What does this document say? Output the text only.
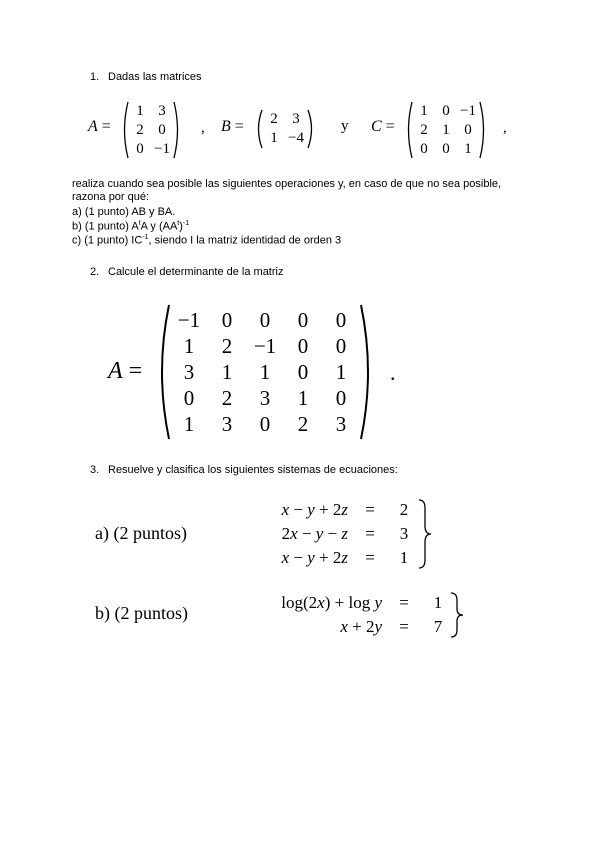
1. Dadas las matrices
A =
1	3
2	0
0	−1
, B = 2	3
1	−4
y C =
1	0	−1
2	1	0
0	0	1
,
realiza cuando sea posible las siguientes operaciones y, en caso de que no sea posible,
razona por qué:
a) (1 punto) AB y BA.
b) (1 punto) $A^tA$ y $(AA^t)^{-1}$
c) (1 punto) $IC^{-1}$, siendo I la matriz identidad de orden 3
2. Calcule el determinante de la matriz
A =
−1	0	0	0	0
1	2	−1	0	0
3	1	1	0	1
0	2	3	1	0
1	3	0	2	3
.
3. Resuelve y clasifica los siguientes sistemas de ecuaciones:
a) (2 puntos)
x − y + 2z	=	2
2x − y − z	=	3
x − y + 2z	=	1
b) (2 puntos)
log(2x) + log y	=	1
x + 2y	=	7
